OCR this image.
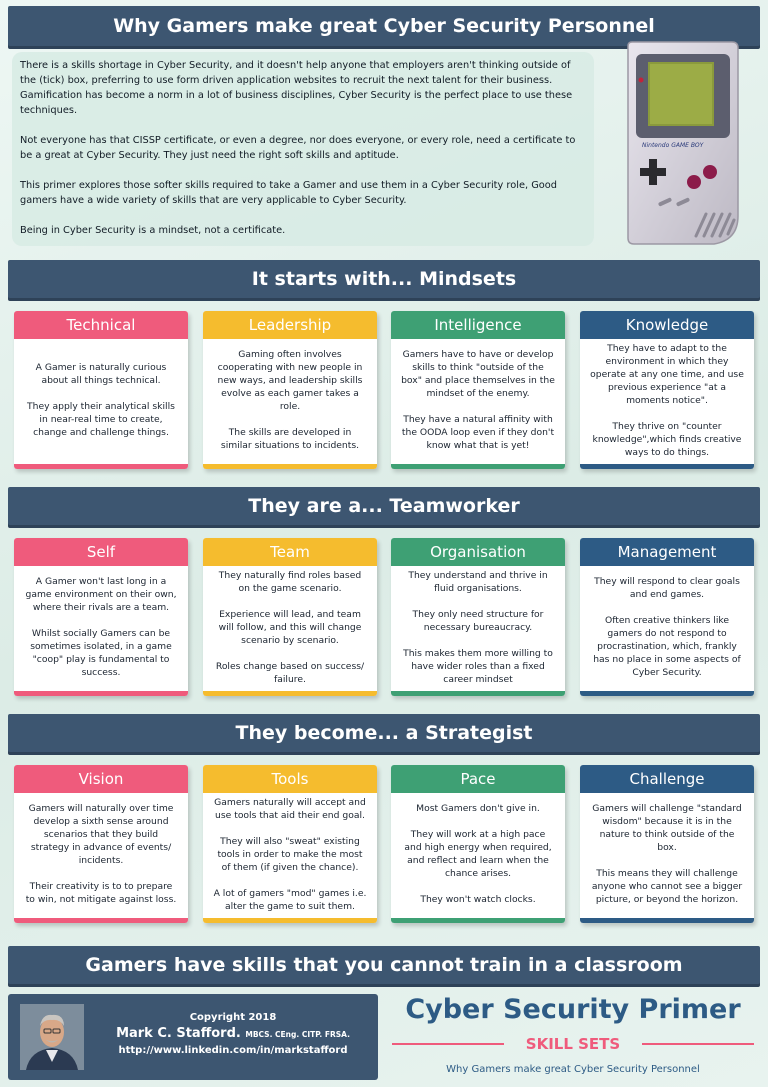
Why Gamers make great Cyber Security Personnel

There is a skills shortage in Cyber Security, and it doesn't help anyone that employers aren't thinking outside of the (tick) box, preferring to use form driven application websites to recruit the next talent for their business. Gamification has become a norm in a lot of business disciplines, Cyber Security is the perfect place to use these techniques.

Not everyone has that CISSP certificate, or even a degree, nor does everyone, or every role, need a certificate to be a great at Cyber Security. They just need the right soft skills and aptitude.

This primer explores those softer skills required to take a Gamer and use them in a Cyber Security role, Good gamers have a wide variety of skills that are very applicable to Cyber Security.

Being in Cyber Security is a mindset, not a certificate.

Nintendo GAME BOY
It starts with... Mindsets
Technical

A Gamer is naturally curious about all things technical.

They apply their analytical skills in near-real time to create, change and challenge things.

Leadership

Gaming often involves cooperating with new people in new ways, and leadership skills evolve as each gamer takes a role.

The skills are developed in similar situations to incidents.

Intelligence

Gamers have to have or develop skills to think "outside of the box" and place themselves in the mindset of the enemy.

They have a natural affinity with the OODA loop even if they don't know what that is yet!

Knowledge

They have to adapt to the environment in which they operate at any one time, and use previous experience "at a moments notice".

They thrive on "counter knowledge",which finds creative ways to do things.

They are a... Teamworker
Self

A Gamer won't last long in a game environment on their own, where their rivals are a team.

Whilst socially Gamers can be sometimes isolated, in a game "coop" play is fundamental to success.

Team

They naturally find roles based on the game scenario.

Experience will lead, and team will follow, and this will change scenario by scenario.

Roles change based on success/ failure.

Organisation

They understand and thrive in fluid organisations.

They only need structure for necessary bureaucracy.

This makes them more willing to have wider roles than a fixed career mindset

Management

They will respond to clear goals and end games.

Often creative thinkers like gamers do not respond to procrastination, which, frankly has no place in some aspects of Cyber Security.

They become... a Strategist
Vision

Gamers will naturally over time develop a sixth sense around scenarios that they build strategy in advance of events/ incidents.

Their creativity is to to prepare to win, not mitigate against loss.

Tools

Gamers naturally will accept and use tools that aid their end goal.

They will also "sweat" existing tools in order to make the most of them (if given the chance).

A lot of gamers "mod" games i.e. alter the game to suit them.

Pace

Most Gamers don't give in.

They will work at a high pace and high energy when required, and reflect and learn when the chance arises.

They won't watch clocks.

Challenge

Gamers will challenge "standard wisdom" because it is in the nature to think outside of the box.

This means they will challenge anyone who cannot see a bigger picture, or beyond the horizon.

Gamers have skills that you cannot train in a classroom
Copyright 2018
Mark C. Stafford. MBCS. CEng. CITP. FRSA.
http://www.linkedin.com/in/markstafford
Cyber Security Primer
SKILL SETS
Why Gamers make great Cyber Security Personnel
